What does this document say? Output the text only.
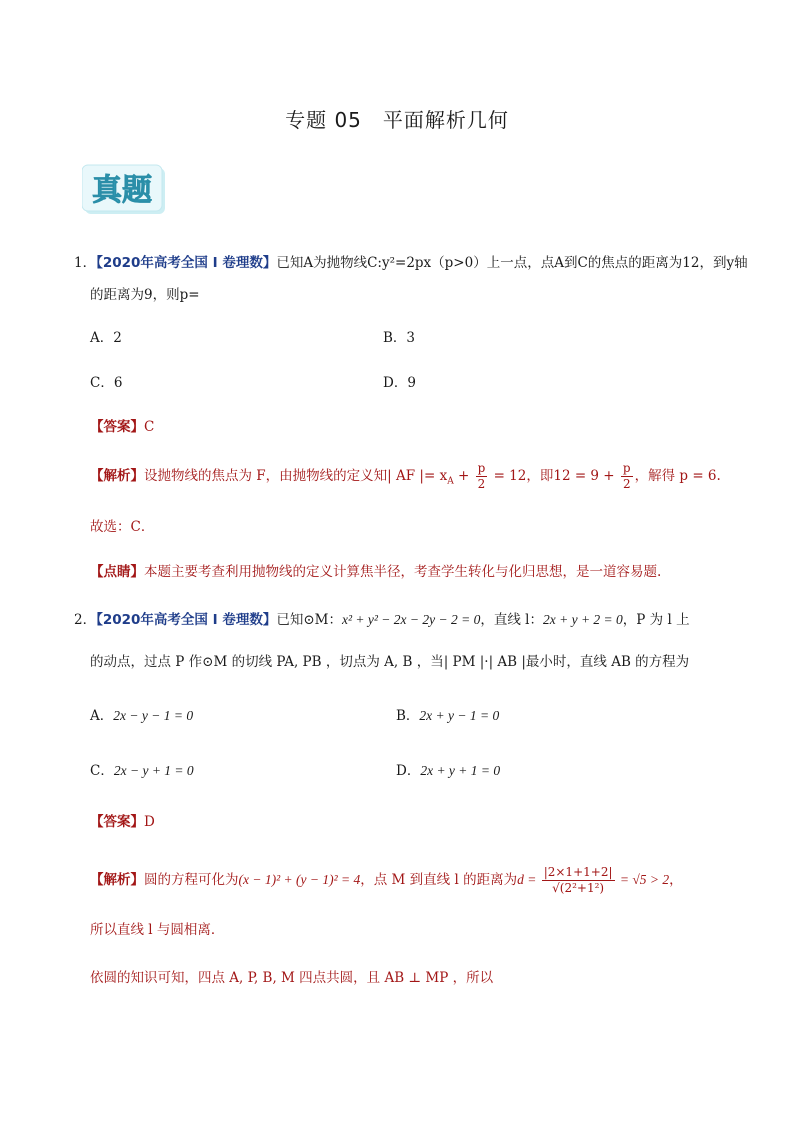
专题 05　平面解析几何
真题
1．【2020年高考全国 I 卷理数】已知A为抛物线C:y²=2px（p>0）上一点，点A到C的焦点的距离为12，到y轴
的距离为9，则p=
A．2	B．3
C．6	D．9
【答案】C
【解析】设抛物线的焦点为 F，由抛物线的定义知| AF |= $x_A + \frac{p}{2} = 12$，即$12 = 9 + \frac{p}{2}$ ，解得 p = 6.
故选：C．
【点睛】本题主要考查利用抛物线的定义计算焦半径，考查学生转化与化归思想，是一道容易题.
2．【2020年高考全国 I 卷理数】已知⊙M：x² + y² − 2x − 2y − 2 = 0，直线 l：2x + y + 2 = 0，P 为 l 上
的动点，过点 P 作⊙M 的切线 PA, PB ，切点为 A, B ，当| PM |·| AB |最小时，直线 AB 的方程为
A．2x − y − 1 = 0	B．2x + y − 1 = 0
C．2x − y + 1 = 0	D．2x + y + 1 = 0
【答案】D
【解析】圆的方程可化为(x − 1)² + (y − 1)² = 4，点 M 到直线 l 的距离为$d = \frac{|2\times 1+1+2|}{\text{√(2²+1²)}} = √5 > 2$，
所以直线 l 与圆相离．
依圆的知识可知，四点 A, P, B, M 四点共圆，且 AB ⊥ MP ，所以
